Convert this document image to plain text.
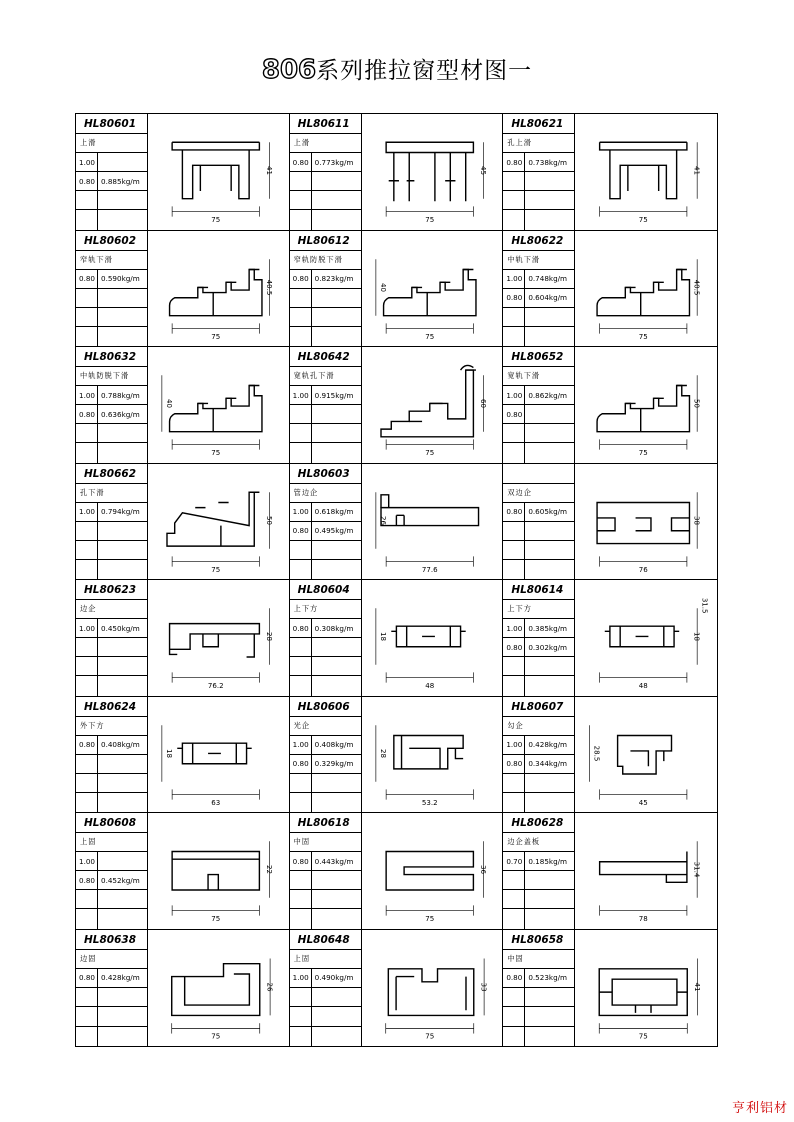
806系列推拉窗型材图一
HL80601
上滑
1.00
0.80 0.885kg/m
75
41
HL80611
上滑
0.80 0.773kg/m
75
45
HL80621
孔上滑
0.80 0.738kg/m
75
41
HL80602
窄轨下滑
0.80 0.590kg/m
75
40.5
HL80612
窄轨防脱下滑
0.80 0.823kg/m
75
40
HL80622
中轨下滑
1.00 0.748kg/m
0.80 0.604kg/m
75
40.5
HL80632
中轨防脱下滑
1.00 0.788kg/m
0.80 0.636kg/m
75
40
HL80642
宽轨孔下滑
1.00 0.915kg/m
75
60
HL80652
宽轨下滑
1.00 0.862kg/m
0.80
75
50
HL80662
孔下滑
1.00 0.794kg/m
75
50
HL80603
管边企
1.00 0.618kg/m
0.80 0.495kg/m
77.6
26
双边企
0.80 0.605kg/m
76
38
HL80623
边企
1.00 0.450kg/m
76.2
28
HL80604
上下方
0.80 0.308kg/m
48
18
HL80614
上下方
1.00 0.385kg/m
0.80 0.302kg/m
48
18
31.5
HL80624
外下方
0.80 0.408kg/m
63
18
HL80606
光企
1.00 0.408kg/m
0.80 0.329kg/m
53.2
28
HL80607
勾企
1.00 0.428kg/m
0.80 0.344kg/m
45
28.5
HL80608
上固
1.00
0.80 0.452kg/m
75
22
HL80618
中固
0.80 0.443kg/m
75
36
HL80628
边企盖板
0.70 0.185kg/m
78
31.4
HL80638
边固
0.80 0.428kg/m
75
26
HL80648
上固
1.00 0.490kg/m
75
33
HL80658
中固
0.80 0.523kg/m
75
41
亨利铝材
